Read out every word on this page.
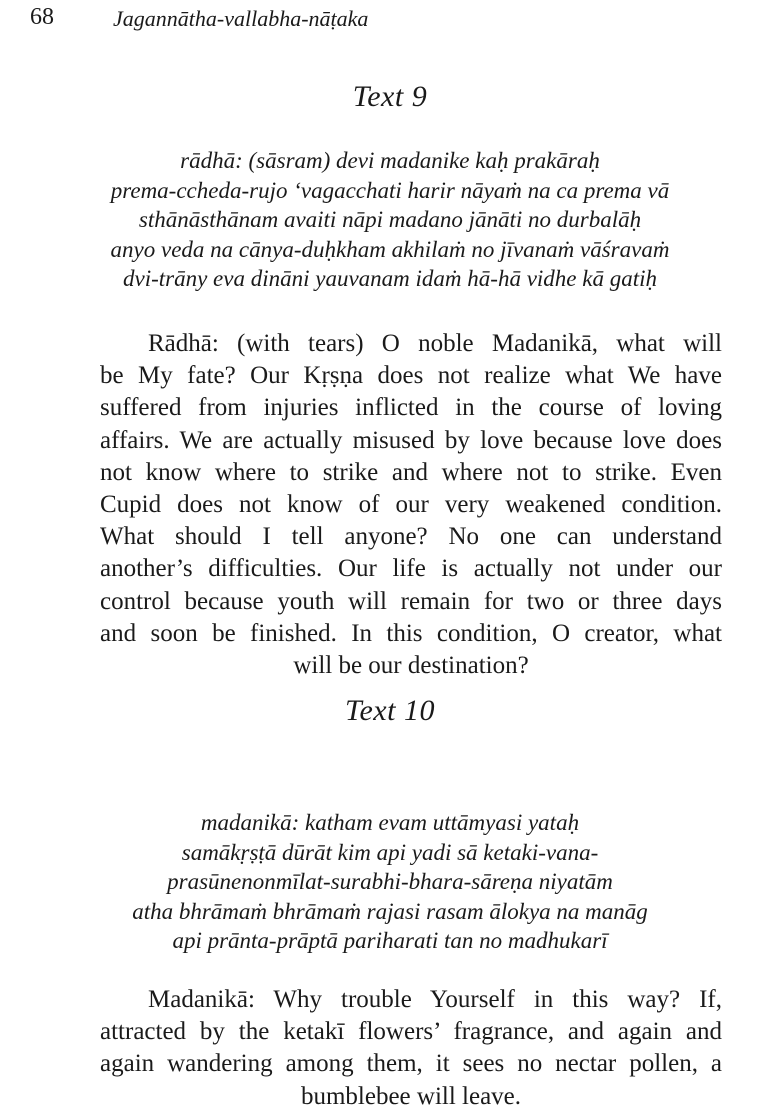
68	Jagannātha-vallabha-nāṭaka
Text 9
rādhā: (sāsram) devi madanike kaḥ prakāraḥ
prema-ccheda-rujo ‘vagacchati harir nāyaṁ na ca prema vā
sthānāsthānam avaiti nāpi madano jānāti no durbalāḥ
anyo veda na cānya-duḥkham akhilaṁ no jīvanaṁ vāśravaṁ
dvi-trāny eva dināni yauvanam idaṁ hā-hā vidhe kā gatiḥ
Rādhā: (with tears) O noble Madanikā, what will
be My fate? Our Kṛṣṇa does not realize what We have
suffered from injuries inflicted in the course of loving
affairs. We are actually misused by love because love does
not know where to strike and where not to strike. Even
Cupid does not know of our very weakened condition.
What should I tell anyone? No one can understand
another’s difficulties. Our life is actually not under our
control because youth will remain for two or three days
and soon be finished. In this condition, O creator, what
will be our destination?
Text 10
madanikā: katham evam uttāmyasi yataḥ
samākṛṣṭā dūrāt kim api yadi sā ketaki-vana-
prasūnenonmīlat-surabhi-bhara-sāreṇa niyatām
atha bhrāmaṁ bhrāmaṁ rajasi rasam ālokya na manāg
api prānta-prāptā pariharati tan no madhukarī
Madanikā: Why trouble Yourself in this way? If,
attracted by the ketakī flowers’ fragrance, and again and
again wandering among them, it sees no nectar pollen, a
bumblebee will leave.
